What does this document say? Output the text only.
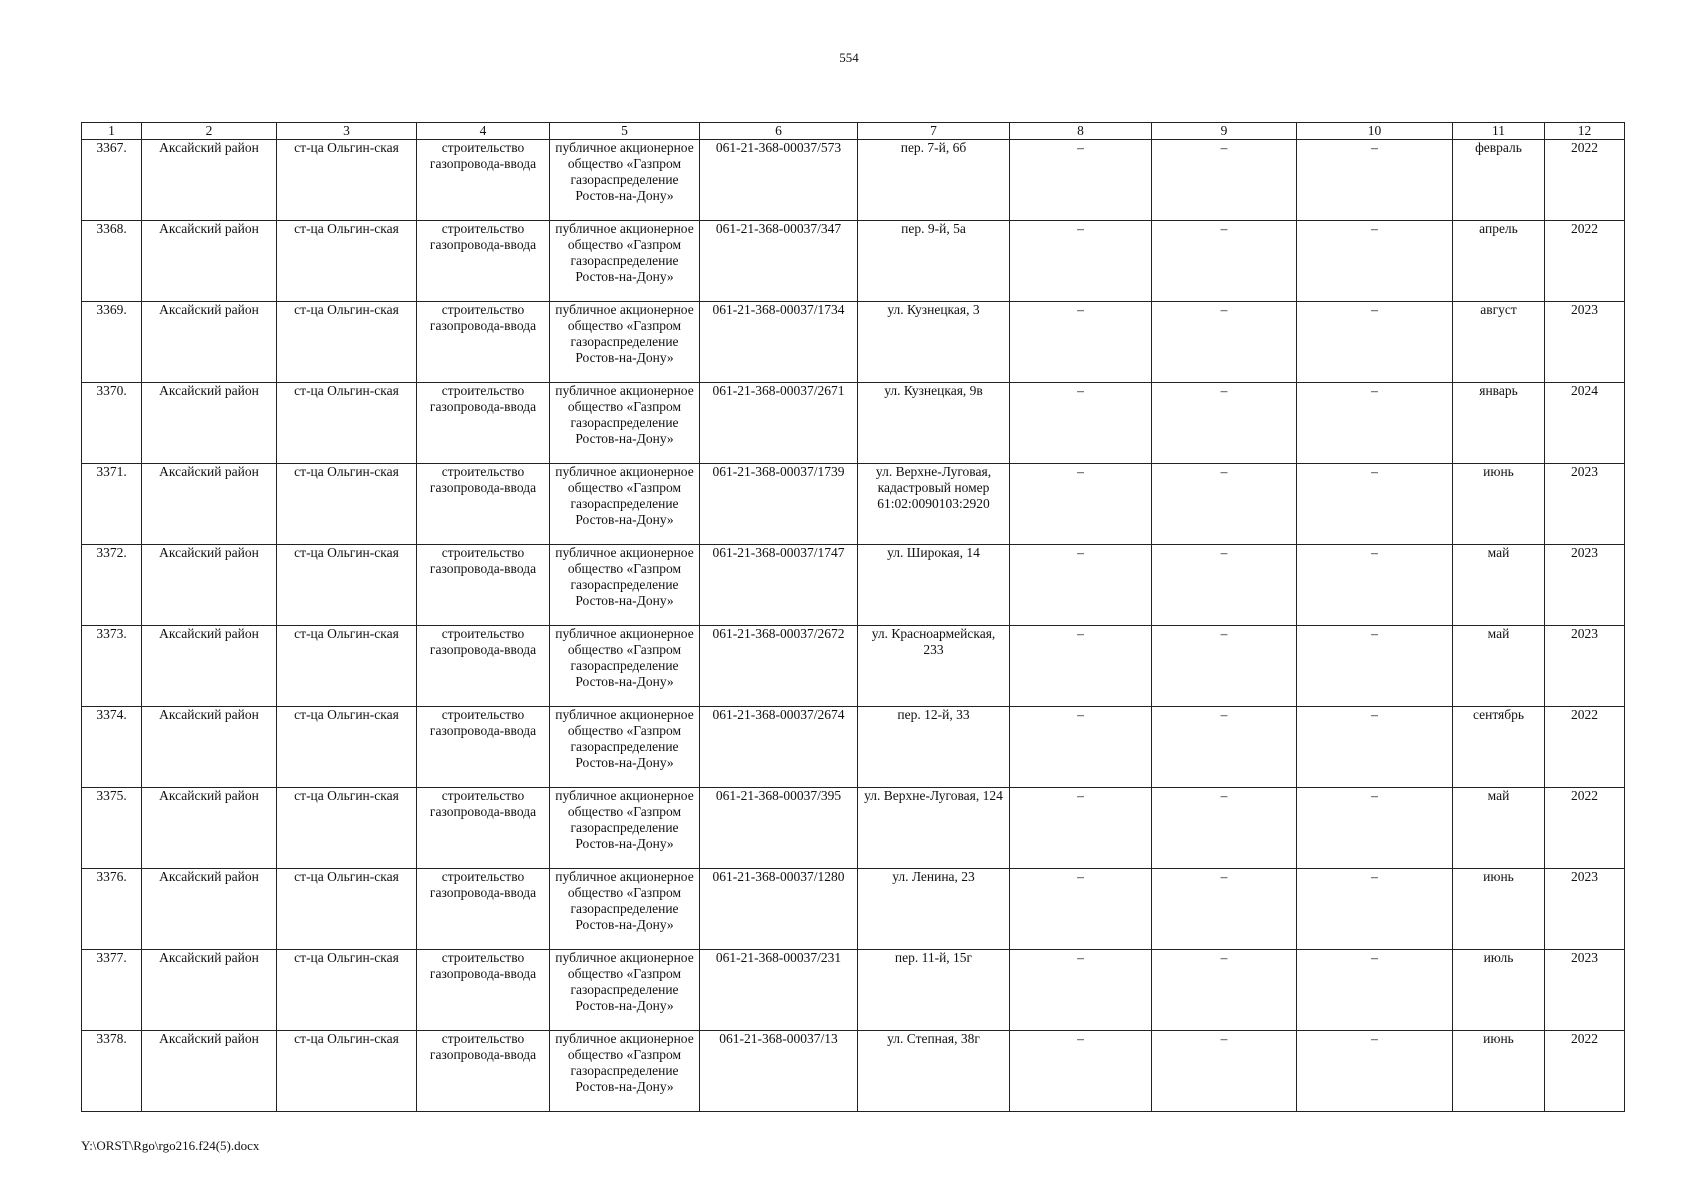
554
1	2	3	4	5	6	7	8	9	10	11	12
3367.	Аксайский район	ст-ца Ольгин-ская	строительство газопровода-ввода	публичное акционерное общество «Газпром газораспределение Ростов-на-Дону»	061-21-368-00037/573	пер. 7-й, 6б	–	–	–	февраль	2022
3368.	Аксайский район	ст-ца Ольгин-ская	строительство газопровода-ввода	публичное акционерное общество «Газпром газораспределение Ростов-на-Дону»	061-21-368-00037/347	пер. 9-й, 5а	–	–	–	апрель	2022
3369.	Аксайский район	ст-ца Ольгин-ская	строительство газопровода-ввода	публичное акционерное общество «Газпром газораспределение Ростов-на-Дону»	061-21-368-00037/1734	ул. Кузнецкая, 3	–	–	–	август	2023
3370.	Аксайский район	ст-ца Ольгин-ская	строительство газопровода-ввода	публичное акционерное общество «Газпром газораспределение Ростов-на-Дону»	061-21-368-00037/2671	ул. Кузнецкая, 9в	–	–	–	январь	2024
3371.	Аксайский район	ст-ца Ольгин-ская	строительство газопровода-ввода	публичное акционерное общество «Газпром газораспределение Ростов-на-Дону»	061-21-368-00037/1739	ул. Верхне-Луговая, кадастровый номер 61:02:0090103:2920	–	–	–	июнь	2023
3372.	Аксайский район	ст-ца Ольгин-ская	строительство газопровода-ввода	публичное акционерное общество «Газпром газораспределение Ростов-на-Дону»	061-21-368-00037/1747	ул. Широкая, 14	–	–	–	май	2023
3373.	Аксайский район	ст-ца Ольгин-ская	строительство газопровода-ввода	публичное акционерное общество «Газпром газораспределение Ростов-на-Дону»	061-21-368-00037/2672	ул. Красноармейская, 233	–	–	–	май	2023
3374.	Аксайский район	ст-ца Ольгин-ская	строительство газопровода-ввода	публичное акционерное общество «Газпром газораспределение Ростов-на-Дону»	061-21-368-00037/2674	пер. 12-й, 33	–	–	–	сентябрь	2022
3375.	Аксайский район	ст-ца Ольгин-ская	строительство газопровода-ввода	публичное акционерное общество «Газпром газораспределение Ростов-на-Дону»	061-21-368-00037/395	ул. Верхне-Луговая, 124	–	–	–	май	2022
3376.	Аксайский район	ст-ца Ольгин-ская	строительство газопровода-ввода	публичное акционерное общество «Газпром газораспределение Ростов-на-Дону»	061-21-368-00037/1280	ул. Ленина, 23	–	–	–	июнь	2023
3377.	Аксайский район	ст-ца Ольгин-ская	строительство газопровода-ввода	публичное акционерное общество «Газпром газораспределение Ростов-на-Дону»	061-21-368-00037/231	пер. 11-й, 15г	–	–	–	июль	2023
3378.	Аксайский район	ст-ца Ольгин-ская	строительство газопровода-ввода	публичное акционерное общество «Газпром газораспределение Ростов-на-Дону»	061-21-368-00037/13	ул. Степная, 38г	–	–	–	июнь	2022
Y:\ORST\Rgo\rgo216.f24(5).docx
